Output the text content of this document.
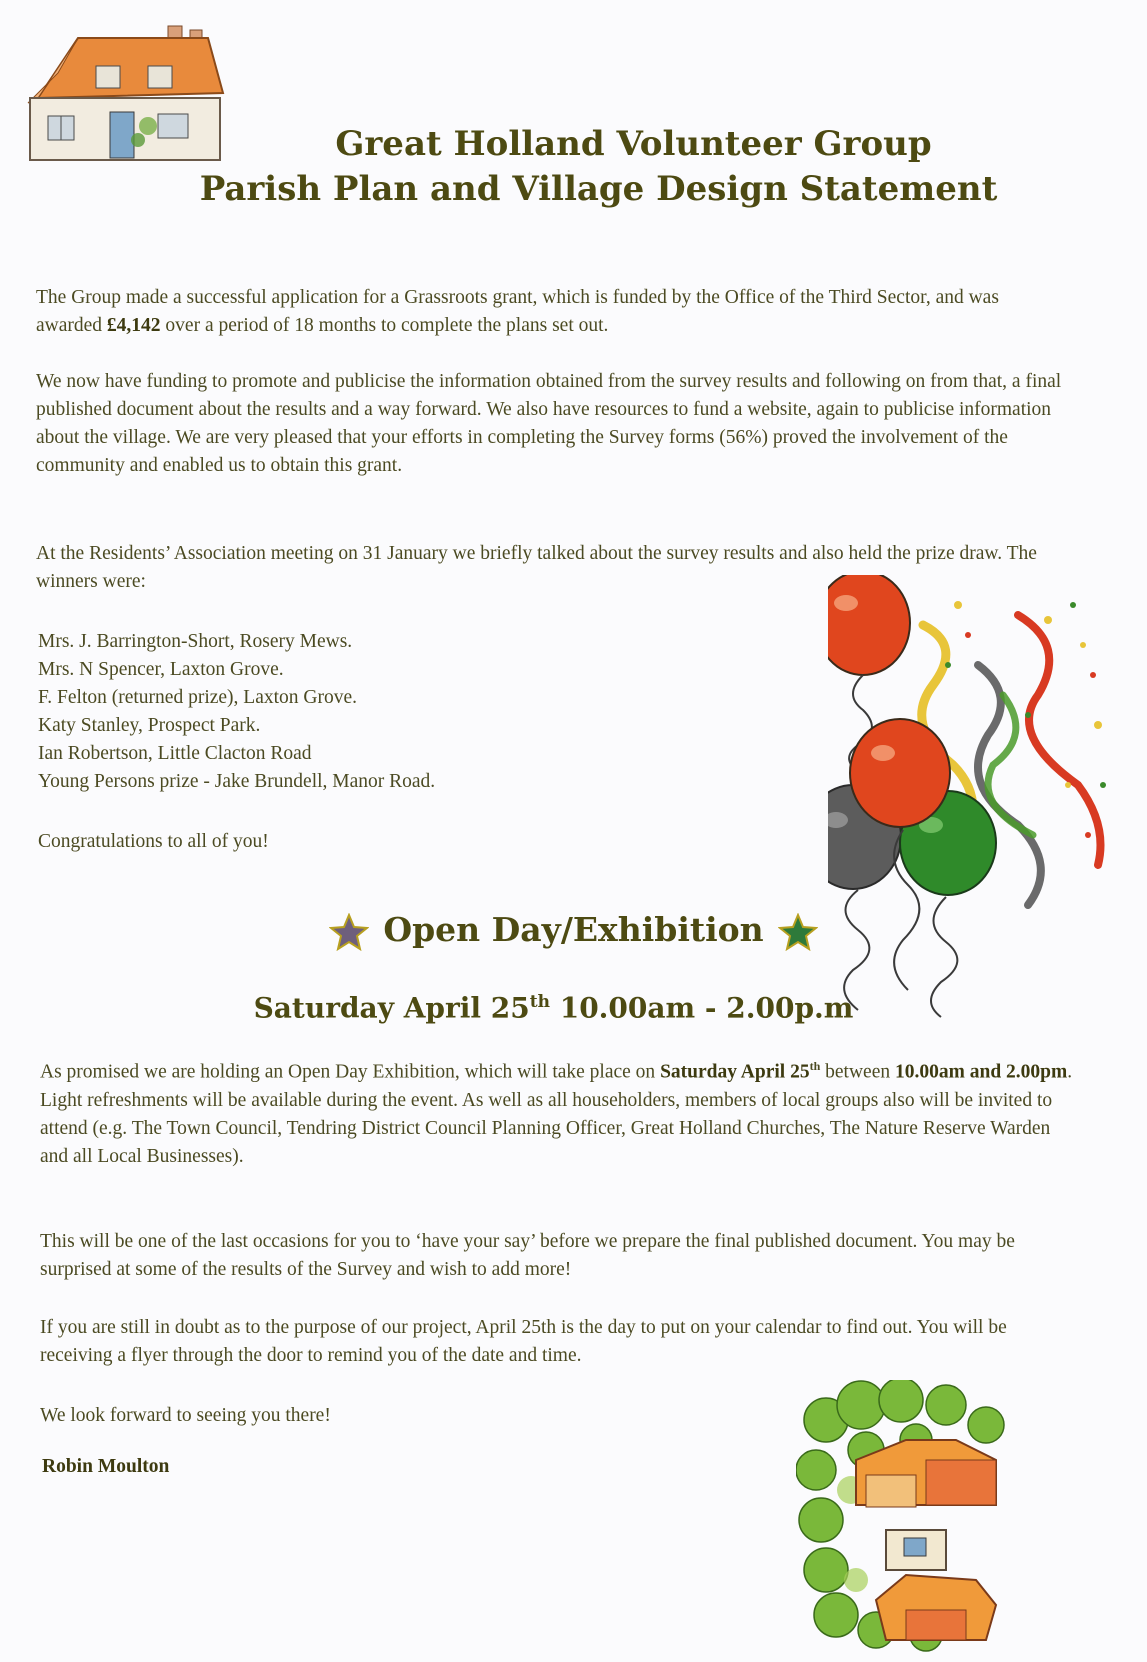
Great Holland Volunteer Group
Parish Plan and Village Design Statement

The Group made a successful application for a Grassroots grant, which is funded by the Office of the Third Sector, and was awarded £4,142 over a period of 18 months to complete the plans set out.

We now have funding to promote and publicise the information obtained from the survey results and following on from that, a final published document about the results and a way forward. We also have resources to fund a website, again to publicise information about the village. We are very pleased that your efforts in completing the Survey forms (56%) proved the involvement of the community and enabled us to obtain this grant.

At the Residents’ Association meeting on 31 January we briefly talked about the survey results and also held the prize draw. The winners were:

Mrs. J. Barrington-Short, Rosery Mews.
Mrs. N Spencer, Laxton Grove.
F. Felton (returned prize), Laxton Grove.
Katy Stanley, Prospect Park.
Ian Robertson, Little Clacton Road
Young Persons prize - Jake Brundell, Manor Road.

Congratulations to all of you!

Open Day/Exhibition
Saturday April 25th 10.00am - 2.00p.m

As promised we are holding an Open Day Exhibition, which will take place on Saturday April 25th between 10.00am and 2.00pm. Light refreshments will be available during the event. As well as all householders, members of local groups also will be invited to attend (e.g. The Town Council, Tendring District Council Planning Officer, Great Holland Churches, The Nature Reserve Warden and all Local Businesses).

This will be one of the last occasions for you to ‘have your say’ before we prepare the final published document. You may be surprised at some of the results of the Survey and wish to add more!

If you are still in doubt as to the purpose of our project, April 25th is the day to put on your calendar to find out. You will be receiving a flyer through the door to remind you of the date and time.

We look forward to seeing you there!

Robin Moulton
